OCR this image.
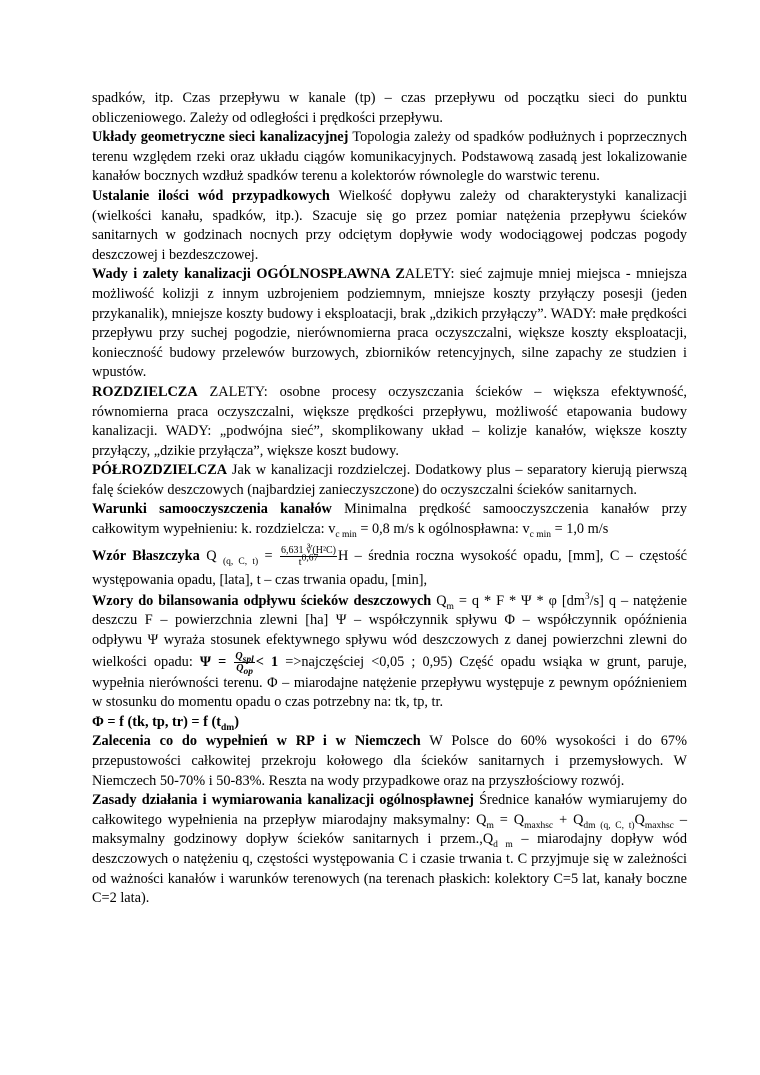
spadków, itp. Czas przepływu w kanale (tp) – czas przepływu od początku sieci do punktu obliczeniowego. Zależy od odległości i prędkości przepływu.

Układy geometryczne sieci kanalizacyjnej Topologia zależy od spadków podłużnych i poprzecznych terenu względem rzeki oraz układu ciągów komunikacyjnych. Podstawową zasadą jest lokalizowanie kanałów bocznych wzdłuż spadków terenu a kolektorów równolegle do warstwic terenu.

Ustalanie ilości wód przypadkowych Wielkość dopływu zależy od charakterystyki kanalizacji (wielkości kanału, spadków, itp.). Szacuje się go przez pomiar natężenia przepływu ścieków sanitarnych w godzinach nocnych przy odciętym dopływie wody wodociągowej podczas pogody deszczowej i bezdeszczowej.

Wady i zalety kanalizacji OGÓLNOSPŁAWNA ZALETY: sieć zajmuje mniej miejsca - mniejsza możliwość kolizji z innym uzbrojeniem podziemnym, mniejsze koszty przyłączy posesji (jeden przykanalik), mniejsze koszty budowy i eksploatacji, brak „dzikich przyłączy”. WADY: małe prędkości przepływu przy suchej pogodzie, nierównomierna praca oczyszczalni, większe koszty eksploatacji, konieczność budowy przelewów burzowych, zbiorników retencyjnych, silne zapachy ze studzien i wpustów.

ROZDZIELCZA ZALETY: osobne procesy oczyszczania ścieków – większa efektywność, równomierna praca oczyszczalni, większe prędkości przepływu, możliwość etapowania budowy kanalizacji. WADY: „podwójna sieć”, skomplikowany układ – kolizje kanałów, większe koszty przyłączy, „dzikie przyłącza”, większe koszt budowy.

PÓŁROZDZIELCZA Jak w kanalizacji rozdzielczej. Dodatkowy plus – separatory kierują pierwszą falę ścieków deszczowych (najbardziej zanieczyszczone) do oczyszczalni ścieków sanitarnych.

Warunki samooczyszczenia kanałów Minimalna prędkość samooczyszczenia kanałów przy całkowitym wypełnieniu: k. rozdzielcza: $v_{c min} = 0,8$ m/s k ogólnospławna: $v_{c min} = 1,0$ m/s

Wzór Błaszczyka Q $_{(q, C, t)} = \frac{\text{6,631 ∛(H²C)}}{t^{0,67}}$ H – średnia roczna wysokość opadu, [mm], C – częstość występowania opadu, [lata], t – czas trwania opadu, [min],

Wzory do bilansowania odpływu ścieków deszczowych $Q_m = q * F * \Psi * \varphi$ $[dm^3/s]$ q – natężenie deszczu F – powierzchnia zlewni [ha] Ψ – współczynnik spływu Φ – współczynnik opóźnienia odpływu Ψ wyraża stosunek efektywnego spływu wód deszczowych z danej powierzchni zlewni do wielkości opadu: $\Psi = \frac{Q_{spl}}{Q_{op}} < 1$ =>najczęściej <0,05 ; 0,95) Część opadu wsiąka w grunt, paruje, wypełnia nierówności terenu. Φ – miarodajne natężenie przepływu występuje z pewnym opóźnieniem w stosunku do momentu opadu o czas potrzebny na: tk, tp, tr.
Φ = f (tk, tp, tr) = f $(t_{dm})$

Zalecenia co do wypełnień w RP i w Niemczech W Polsce do 60% wysokości i do 67% przepustowości całkowitej przekroju kołowego dla ścieków sanitarnych i przemysłowych. W Niemczech 50-70% i 50-83%. Reszta na wody przypadkowe oraz na przyszłościowy rozwój.

Zasady działania i wymiarowania kanalizacji ogólnospławnej Średnice kanałów wymiarujemy do całkowitego wypełnienia na przepływ miarodajny maksymalny: $Q_m = Q_{maxhsc} + Q_{dm (q, C, t)}Q_{maxhsc}$ – maksymalny godzinowy dopływ ścieków sanitarnych i $przem.,Q_{d m}$ – miarodajny dopływ wód deszczowych o natężeniu q, częstości występowania C i czasie trwania t. C przyjmuje się w zależności od ważności kanałów i warunków terenowych (na terenach płaskich: kolektory C=5 lat, kanały boczne C=2 lata).
